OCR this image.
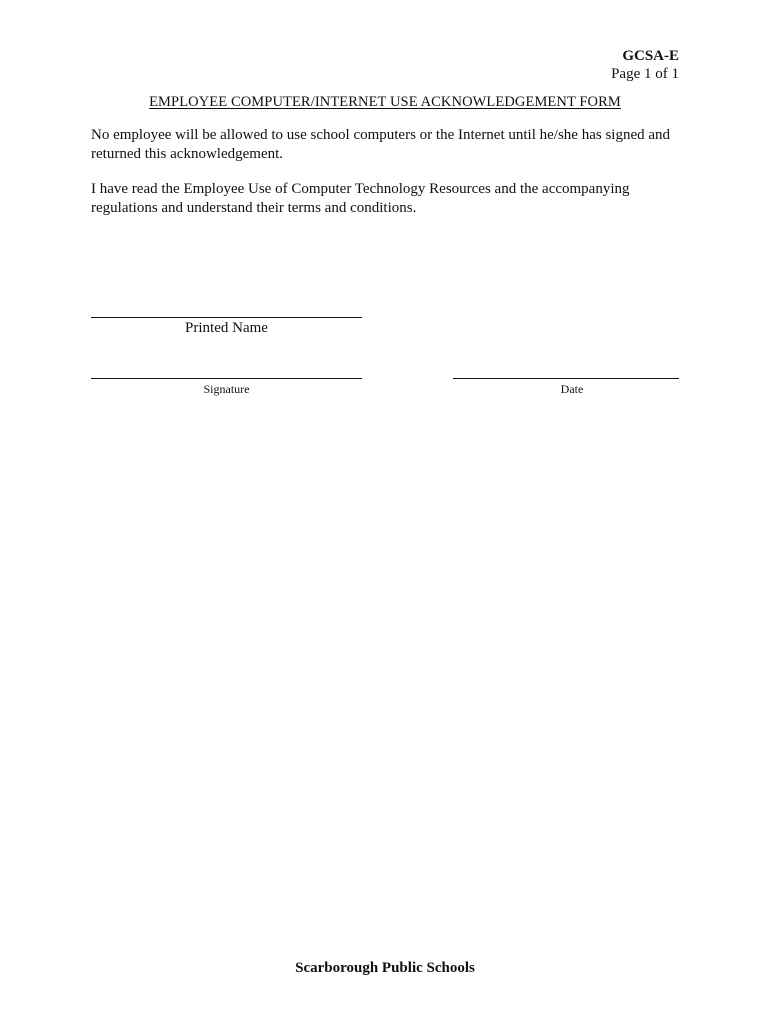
GCSA-E
Page 1 of 1
EMPLOYEE COMPUTER/INTERNET USE ACKNOWLEDGEMENT FORM
No employee will be allowed to use school computers or the Internet until he/she has signed and returned this acknowledgement.
I have read the Employee Use of Computer Technology Resources and the accompanying regulations and understand their terms and conditions.
Printed Name
Signature	Date
Scarborough Public Schools
